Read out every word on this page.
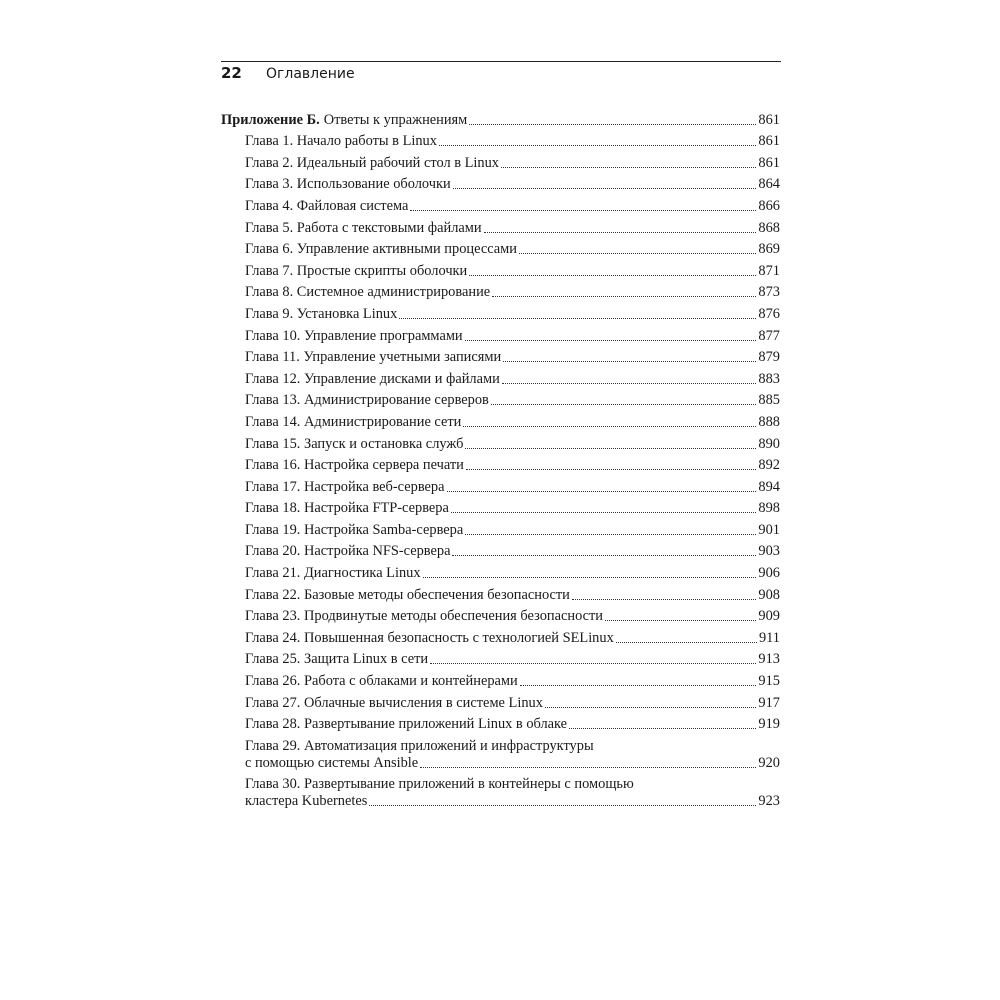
22	Оглавление
Приложение Б. Ответы к упражнениям	861
Глава 1. Начало работы в Linux	861
Глава 2. Идеальный рабочий стол в Linux	861
Глава 3. Использование оболочки	864
Глава 4. Файловая система	866
Глава 5. Работа с текстовыми файлами	868
Глава 6. Управление активными процессами	869
Глава 7. Простые скрипты оболочки	871
Глава 8. Системное администрирование	873
Глава 9. Установка Linux	876
Глава 10. Управление программами	877
Глава 11. Управление учетными записями	879
Глава 12. Управление дисками и файлами	883
Глава 13. Администрирование серверов	885
Глава 14. Администрирование сети	888
Глава 15. Запуск и остановка служб	890
Глава 16. Настройка сервера печати	892
Глава 17. Настройка веб-сервера	894
Глава 18. Настройка FTP-сервера	898
Глава 19. Настройка Samba-сервера	901
Глава 20. Настройка NFS-сервера	903
Глава 21. Диагностика Linux	906
Глава 22. Базовые методы обеспечения безопасности	908
Глава 23. Продвинутые методы обеспечения безопасности	909
Глава 24. Повышенная безопасность с технологией SELinux	911
Глава 25. Защита Linux в сети	913
Глава 26. Работа с облаками и контейнерами	915
Глава 27. Облачные вычисления в системе Linux	917
Глава 28. Развертывание приложений Linux в облаке	919
Глава 29. Автоматизация приложений и инфраструктуры
с помощью системы Ansible	920
Глава 30. Развертывание приложений в контейнеры с помощью
кластера Kubernetes	923
